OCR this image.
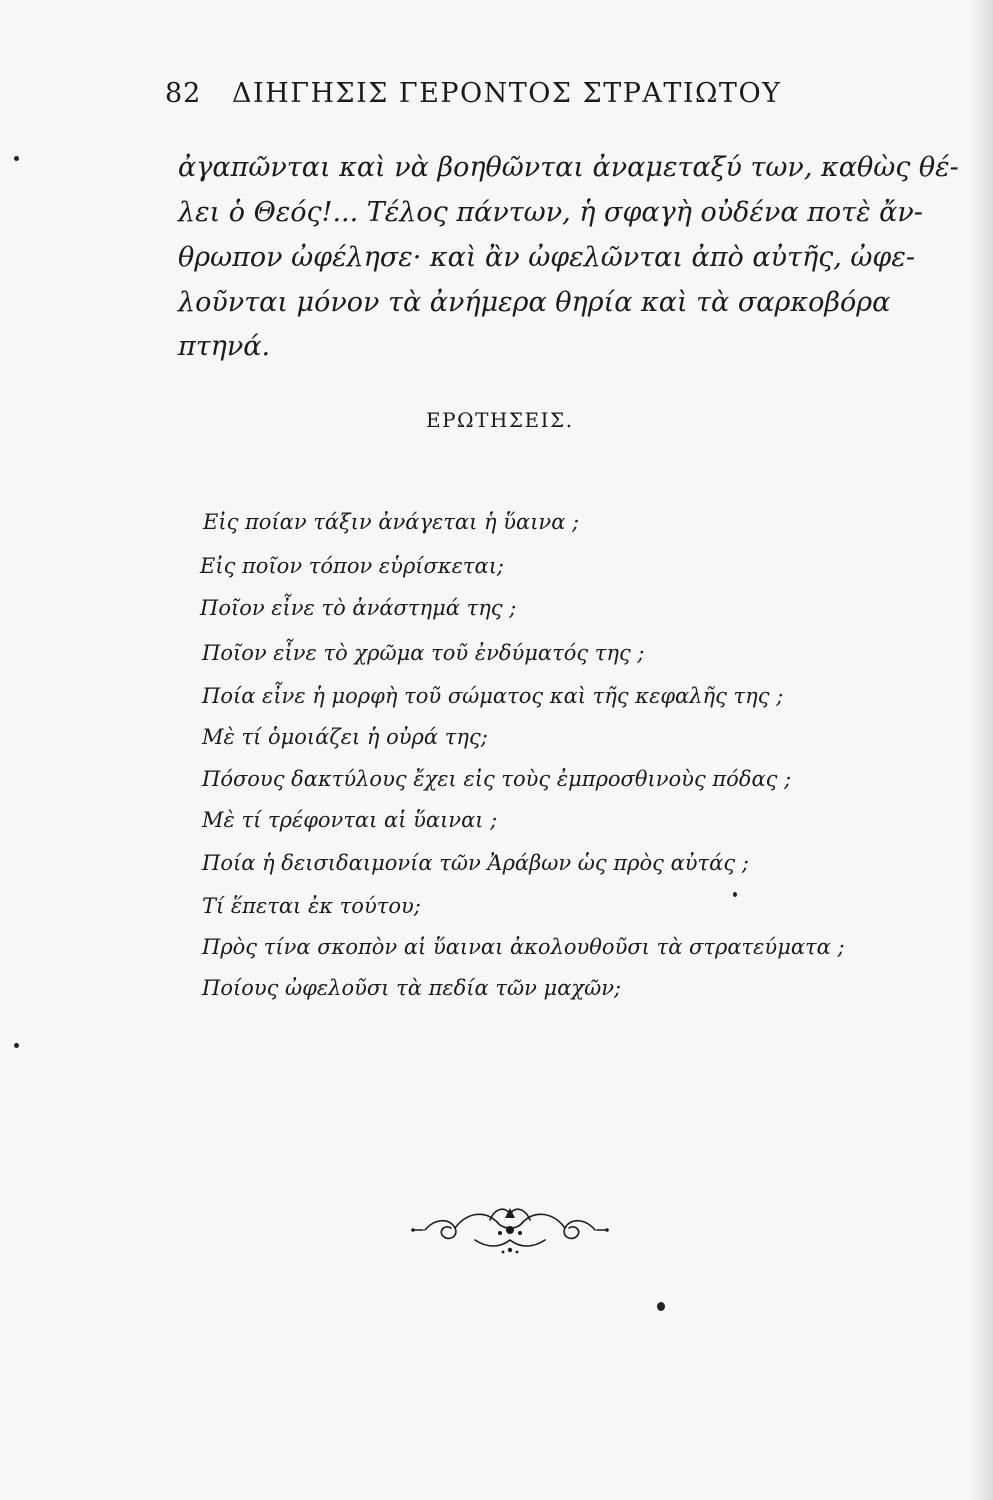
82 ΔΙΗΓΗΣΙΣ ΓΕΡΟΝΤΟΣ ΣΤΡΑΤΙΩΤΟΥ
ἀγαπῶνται καὶ νὰ βοηθῶνται ἀναμεταξύ των, καθὼς θέ-
λει ὁ Θεός!... Τέλος πάντων, ἡ σφαγὴ οὐδένα ποτὲ ἄν-
θρωπον ὠφέλησε· καὶ ἂν ὠφελῶνται ἀπὸ αὐτῆς, ὠφε-
λοῦνται μόνον τὰ ἀνήμερα θηρία καὶ τὰ σαρκοβόρα
πτηνά.
ΕΡΩΤΗΣΕΙΣ.
Εἰς ποίαν τάξιν ἀνάγεται ἡ ὕαινα ;
Εἰς ποῖον τόπον εὑρίσκεται;
Ποῖον εἶνε τὸ ἀνάστημά της ;
Ποῖον εἶνε τὸ χρῶμα τοῦ ἐνδύματός της ;
Ποία εἶνε ἡ μορφὴ τοῦ σώματος καὶ τῆς κεφαλῆς της ;
Μὲ τί ὁμοιάζει ἡ οὐρά της;
Πόσους δακτύλους ἔχει εἰς τοὺς ἐμπροσθινοὺς πόδας ;
Μὲ τί τρέφονται αἱ ὕαιναι ;
Ποία ἡ δεισιδαιμονία τῶν Ἀράβων ὡς πρὸς αὐτάς ;
Τί ἕπεται ἐκ τούτου;
Πρὸς τίνα σκοπὸν αἱ ὕαιναι ἀκολουθοῦσι τὰ στρατεύματα ;
Ποίους ὠφελοῦσι τὰ πεδία τῶν μαχῶν;
